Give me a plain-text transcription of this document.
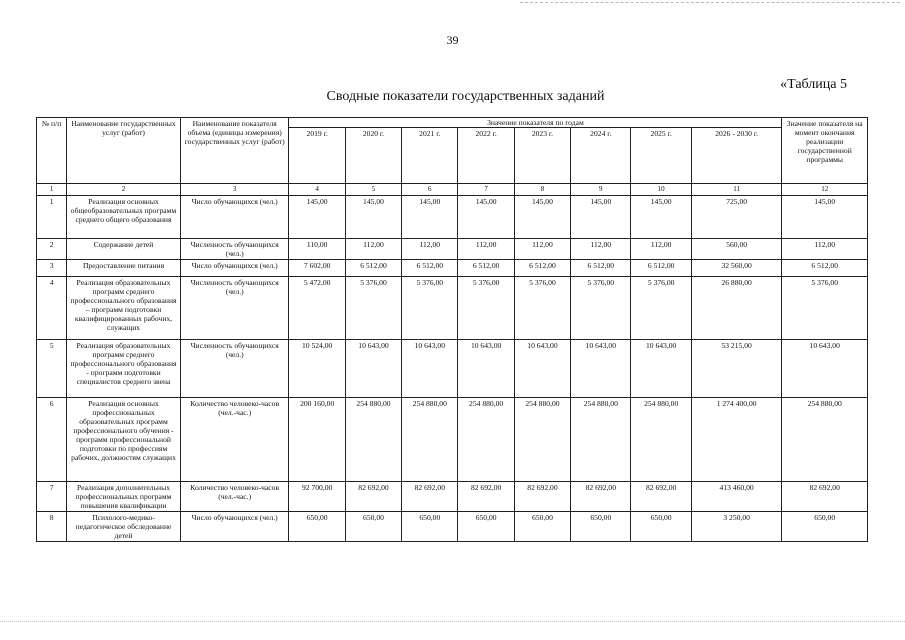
39
«Таблица 5
Сводные показатели государственных заданий
№ п/п	Наименование государственных услуг (работ)	Наименование показателя объема (единицы измерения) государственных услуг (работ)	Значение показателя по годам								Значение показателя на момент окончания реализации государственной программы
			2019 г.	2020 г.	2021 г.	2022 г.	2023 г.	2024 г.	2025 г.	2026 - 2030 г.	
1	2	3	4	5	6	7	8	9	10	11	12
1	Реализация основных общеобразовательных программ среднего общего образования	Число обучающихся (чел.)	145,00	145,00	145,00	145,00	145,00	145,00	145,00	725,00	145,00
2	Содержание детей	Численность обучающихся (чел.)	110,00	112,00	112,00	112,00	112,00	112,00	112,00	560,00	112,00
3	Предоставление питания	Число обучающихся (чел.)	7 602,00	6 512,00	6 512,00	6 512,00	6 512,00	6 512,00	6 512,00	32 560,00	6 512,00
4	Реализация образовательных программ среднего профессионального образования – программ подготовки квалифицированных рабочих, служащих	Численность обучающихся (чел.)	5 472,00	5 376,00	5 376,00	5 376,00	5 376,00	5 376,00	5 376,00	26 880,00	5 376,00
5	Реализация образовательных программ среднего профессионального образования - программ подготовки специалистов среднего звена	Численность обучающихся (чел.)	10 524,00	10 643,00	10 643,00	10 643,00	10 643,00	10 643,00	10 643,00	53 215,00	10 643,00
6	Реализация основных профессиональных образовательных программ профессионального обучения - программ профессиональной подготовки по профессиям рабочих, должностям служащих	Количество человеко-часов (чел.-час.)	200 160,00	254 880,00	254 880,00	254 880,00	254 880,00	254 880,00	254 880,00	1 274 400,00	254 880,00
7	Реализация дополнительных профессиональных программ повышения квалификации	Количество человеко-часов (чел.-час.)	92 700,00	82 692,00	82 692,00	82 692,00	82 692,00	82 692,00	82 692,00	413 460,00	82 692,00
8	Психолого-медико-педагогическое обследование детей	Число обучающихся (чел.)	650,00	650,00	650,00	650,00	650,00	650,00	650,00	3 250,00	650,00
